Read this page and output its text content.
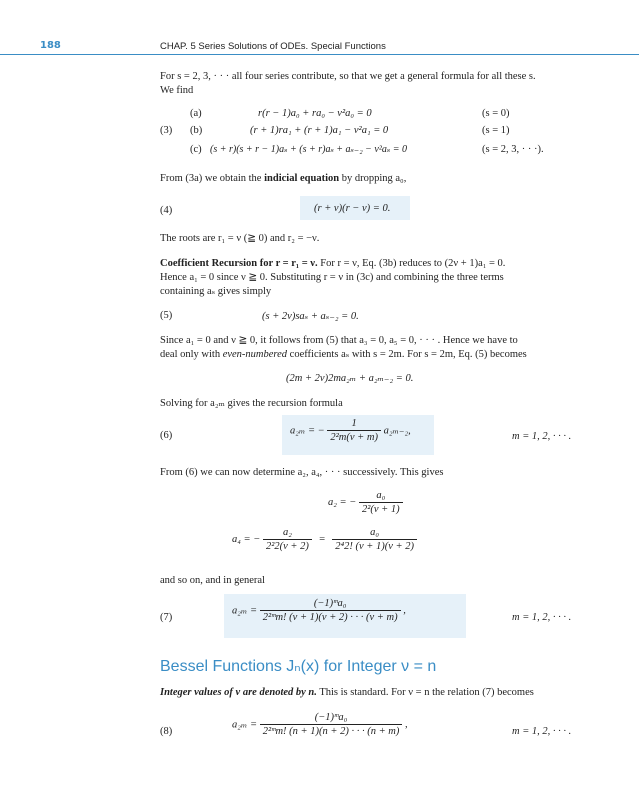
188	CHAP. 5 Series Solutions of ODEs. Special Functions
For s = 2, 3, · · · all four series contribute, so that we get a general formula for all these s.
We find
(3)
(a)	r(r − 1)a₀ + ra₀ − ν²a₀ = 0	(s = 0)
(b)	(r + 1)ra₁ + (r + 1)a₁ − ν²a₁ = 0	(s = 1)
(c) (s + r)(s + r − 1)aₛ + (s + r)aₛ + aₛ₋₂ − ν²aₛ = 0	(s = 2, 3, · · ·).
From (3a) we obtain the indicial equation by dropping a₀,
(4)	(r + ν)(r − ν) = 0.
The roots are r₁ = ν (≧ 0) and r₂ = −ν.
Coefficient Recursion for r = r₁ = ν. For r = ν, Eq. (3b) reduces to (2ν + 1)a₁ = 0.
Hence a₁ = 0 since ν ≧ 0. Substituting r = ν in (3c) and combining the three terms
containing aₛ gives simply
(5)	(s + 2ν)saₛ + aₛ₋₂ = 0.
Since a₁ = 0 and ν ≧ 0, it follows from (5) that a₃ = 0, a₅ = 0, · · · . Hence we have to
deal only with even-numbered coefficients aₛ with s = 2m. For s = 2m, Eq. (5) becomes
(2m + 2ν)2ma₂ₘ + a₂ₘ₋₂ = 0.
Solving for a₂ₘ gives the recursion formula
(6)	a₂ₘ = − $\frac{1}{\text{2²m(ν + m)}} a_{2m-2}$,	m = 1, 2, · · · .
From (6) we can now determine a₂, a₄, · · · successively. This gives
a₂ = − $\frac{\text{a₀}}{\text{2²(ν + 1)}}$
a₄ = − $\frac{\text{a₂}}{\text{2²2(ν + 2)}} = \frac{\text{a₀}}{\text{2⁴2! (ν + 1)(ν + 2)}}$
and so on, and in general
(7)
$a_{2m} = \frac{\text{(−1)ᵐa₀}}{\text{2²ᵐm! (ν + 1)(ν + 2) · · · (ν + m)}}$ ,
m = 1, 2, · · · .
Bessel Functions Jₙ(x) for Integer ν = n
Integer values of ν are denoted by n. This is standard. For ν = n the relation (7) becomes
(8)
$a_{2m} = \frac{\text{(−1)ᵐa₀}}{\text{2²ᵐm! (n + 1)(n + 2) · · · (n + m)}}$ ,
m = 1, 2, · · · .
